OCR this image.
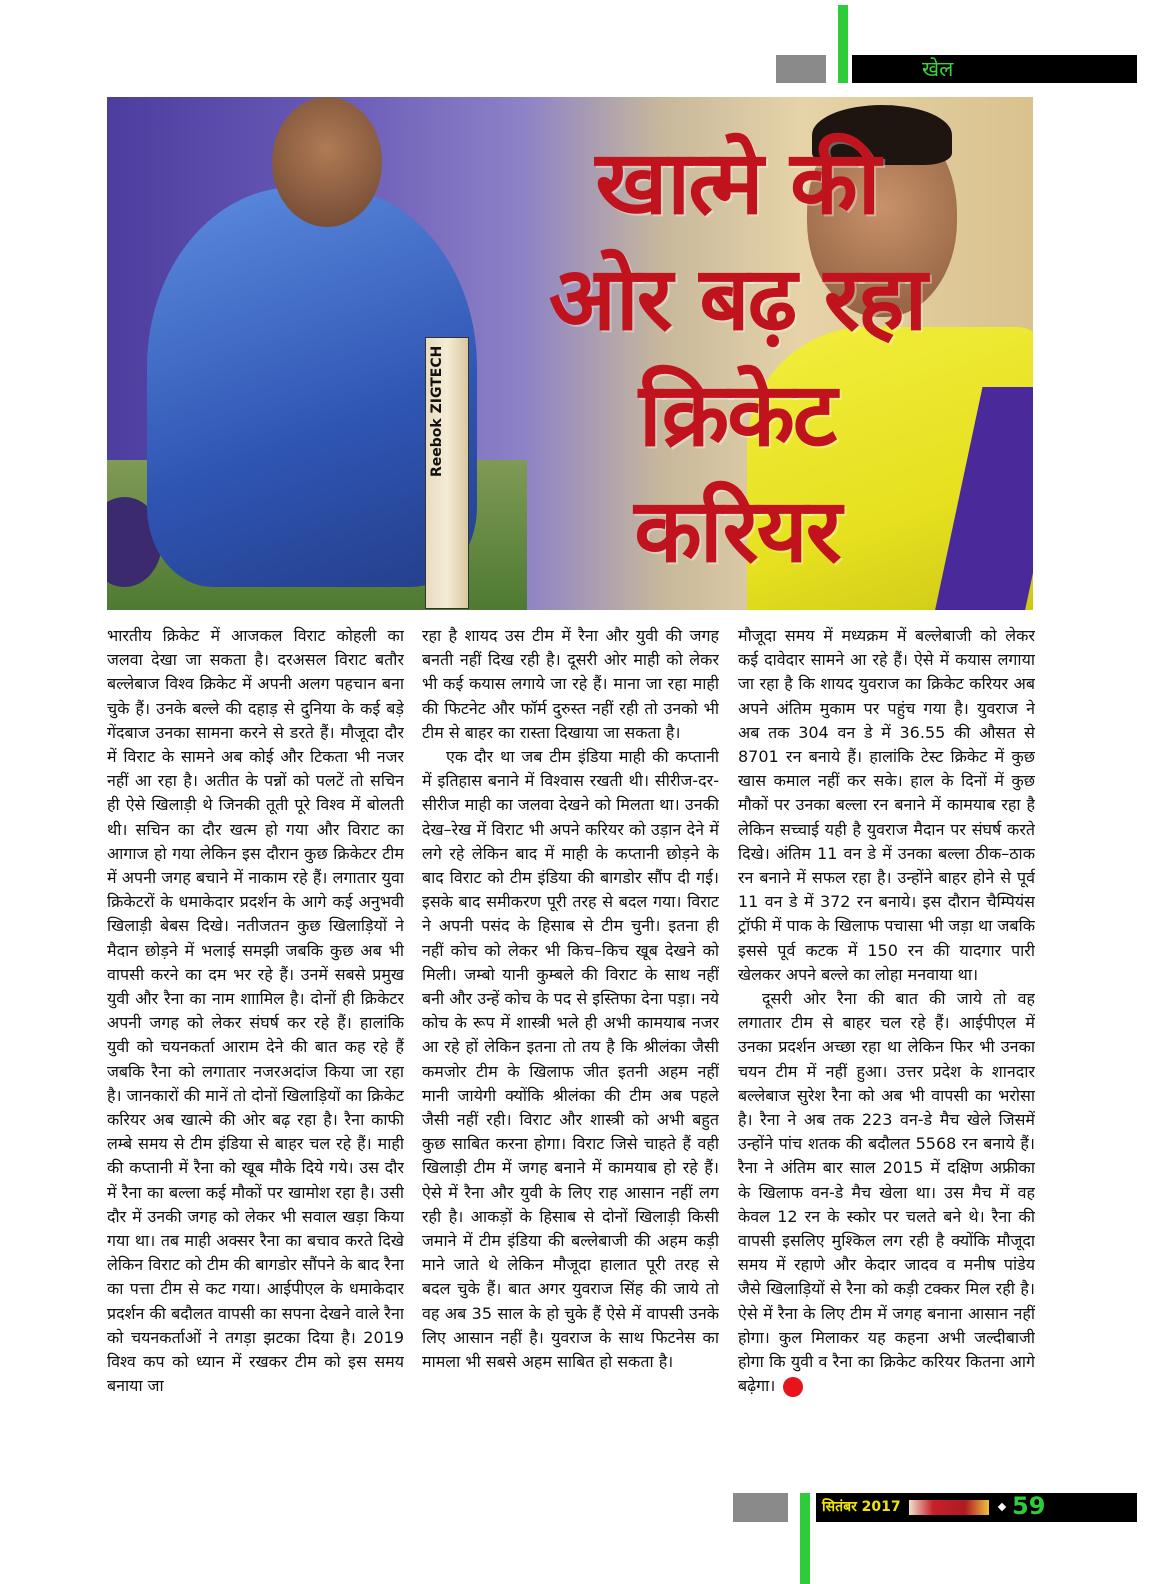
खेल
Reebok ZIGTECH
खात्मे की
ओर बढ़ रहा
क्रिकेट
करियर

भारतीय क्रिकेट में आजकल विराट कोहली का जलवा देखा जा सकता है। दरअसल विराट बतौर बल्लेबाज विश्व क्रिकेट में अपनी अलग पहचान बना चुके हैं। उनके बल्ले की दहाड़ से दुनिया के कई बड़े गेंदबाज उनका सामना करने से डरते हैं। मौजूदा दौर में विराट के सामने अब कोई और टिकता भी नजर नहीं आ रहा है। अतीत के पन्नों को पलटें तो सचिन ही ऐसे खिलाड़ी थे जिनकी तूती पूरे विश्व में बोलती थी। सचिन का दौर खत्म हो गया और विराट का आगाज हो गया लेकिन इस दौरान कुछ क्रिकेटर टीम में अपनी जगह बचाने में नाकाम रहे हैं। लगातार युवा क्रिकेटरों के धमाकेदार प्रदर्शन के आगे कई अनुभवी खिलाड़ी बेबस दिखे। नतीजतन कुछ खिलाड़ियों ने मैदान छोड़ने में भलाई समझी जबकि कुछ अब भी वापसी करने का दम भर रहे हैं। उनमें सबसे प्रमुख युवी और रैना का नाम शाामिल है। दोनों ही क्रिकेटर अपनी जगह को लेकर संघर्ष कर रहे हैं। हालांकि युवी को चयनकर्ता आराम देने की बात कह रहे हैं जबकि रैना को लगातार नजरअदांज किया जा रहा है। जानकारों की मानें तो दोनों खिलाड़ियों का क्रिकेट करियर अब खात्मे की ओर बढ़ रहा है। रैना काफी लम्बे समय से टीम इंडिया से बाहर चल रहे हैं। माही की कप्तानी में रैना को खूब मौके दिये गये। उस दौर में रैना का बल्ला कई मौकों पर खामोश रहा है। उसी दौर में उनकी जगह को लेकर भी सवाल खड़ा किया गया था। तब माही अक्सर रैना का बचाव करते दिखे लेकिन विराट को टीम की बागडोर सौंपने के बाद रैना का पत्ता टीम से कट गया। आईपीएल के धमाकेदार प्रदर्शन की बदौलत वापसी का सपना देखने वाले रैना को चयनकर्ताओं ने तगड़ा झटका दिया है। 2019 विश्व कप को ध्यान में रखकर टीम को इस समय बनाया जा

रहा है शायद उस टीम में रैना और युवी की जगह बनती नहीं दिख रही है। दूसरी ओर माही को लेकर भी कई कयास लगाये जा रहे हैं। माना जा रहा माही की फिटनेट और फॉर्म दुरुस्त नहीं रही तो उनको भी टीम से बाहर का रास्ता दिखाया जा सकता है।

एक दौर था जब टीम इंडिया माही की कप्तानी में इतिहास बनाने में विश्वास रखती थी। सीरीज-दर-सीरीज माही का जलवा देखने को मिलता था। उनकी देख–रेख में विराट भी अपने करियर को उड़ान देने में लगे रहे लेकिन बाद में माही के कप्तानी छोड़ने के बाद विराट को टीम इंडिया की बागडोर सौंप दी गई। इसके बाद समीकरण पूरी तरह से बदल गया। विराट ने अपनी पसंद के हिसाब से टीम चुनी। इतना ही नहीं कोच को लेकर भी किच–किच खूब देखने को मिली। जम्बो यानी कुम्बले की विराट के साथ नहीं बनी और उन्हें कोच के पद से इस्तिफा देना पड़ा। नये कोच के रूप में शास्त्री भले ही अभी कामयाब नजर आ रहे हों लेकिन इतना तो तय है कि श्रीलंका जैसी कमजोर टीम के खिलाफ जीत इतनी अहम नहीं मानी जायेगी क्योंकि श्रीलंका की टीम अब पहले जैसी नहीं रही। विराट और शास्त्री को अभी बहुत कुछ साबित करना होगा। विराट जिसे चाहते हैं वही खिलाड़ी टीम में जगह बनाने में कामयाब हो रहे हैं। ऐसे में रैना और युवी के लिए राह आसान नहीं लग रही है। आकड़ों के हिसाब से दोनों खिलाड़ी किसी जमाने में टीम इंडिया की बल्लेबाजी की अहम कड़ी माने जाते थे लेकिन मौजूदा हालात पूरी तरह से बदल चुके हैं। बात अगर युवराज सिंह की जाये तो वह अब 35 साल के हो चुके हैं ऐसे में वापसी उनके लिए आसान नहीं है। युवराज के साथ फिटनेस का मामला भी सबसे अहम साबित हो सकता है।

मौजूदा समय में मध्यक्रम में बल्लेबाजी को लेकर कई दावेदार सामने आ रहे हैं। ऐसे में कयास लगाया जा रहा है कि शायद युवराज का क्रिकेट करियर अब अपने अंतिम मुकाम पर पहुंच गया है। युवराज ने अब तक 304 वन डे में 36.55 की औसत से 8701 रन बनाये हैं। हालांकि टेस्ट क्रिकेट में कुछ खास कमाल नहीं कर सके। हाल के दिनों में कुछ मौकों पर उनका बल्ला रन बनाने में कामयाब रहा है लेकिन सच्चाई यही है युवराज मैदान पर संघर्ष करते दिखे। अंतिम 11 वन डे में उनका बल्ला ठीक–ठाक रन बनाने में सफल रहा है। उन्होंने बाहर होने से पूर्व 11 वन डे में 372 रन बनाये। इस दौरान चैम्पियंस ट्रॉफी में पाक के खिलाफ पचासा भी जड़ा था जबकि इससे पूर्व कटक में 150 रन की यादगार पारी खेलकर अपने बल्ले का लोहा मनवाया था।

दूसरी ओर रैना की बात की जाये तो वह लगातार टीम से बाहर चल रहे हैं। आईपीएल में उनका प्रदर्शन अच्छा रहा था लेकिन फिर भी उनका चयन टीम में नहीं हुआ। उत्तर प्रदेश के शानदार बल्लेबाज सुरेश रैना को अब भी वापसी का भरोसा है। रैना ने अब तक 223 वन-डे मैच खेले जिसमें उन्होंने पांच शतक की बदौलत 5568 रन बनाये हैं। रैना ने अंतिम बार साल 2015 में दक्षिण अफ्रीका के खिलाफ वन-डे मैच खेला था। उस मैच में वह केवल 12 रन के स्कोर पर चलते बने थे। रैना की वापसी इसलिए मुश्किल लग रही है क्योंकि मौजूदा समय में रहाणे और केदार जादव व मनीष पांडेय जैसे खिलाड़ियों से रैना को कड़ी टक्कर मिल रही है। ऐसे में रैना के लिए टीम में जगह बनाना आसान नहीं होगा। कुल मिलाकर यह कहना अभी जल्दीबाजी होगा कि युवी व रैना का क्रिकेट करियर कितना आगे बढ़ेगा।

सितंबर 2017	59
